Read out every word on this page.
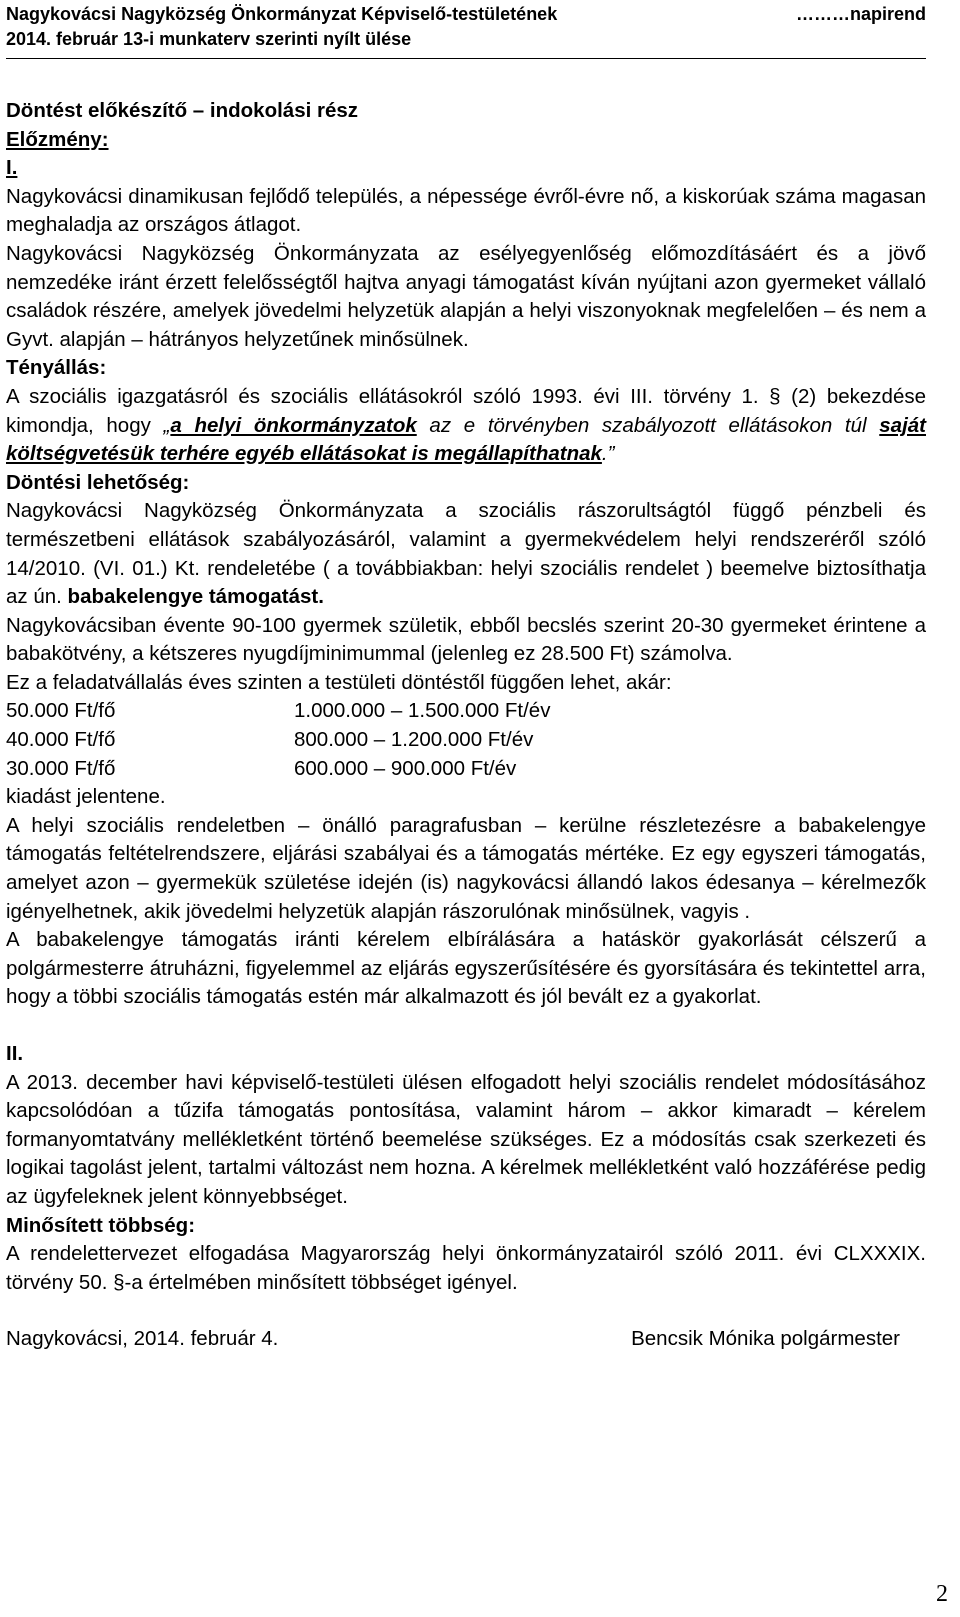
Nagykovácsi Nagyközség Önkormányzat Képviselő-testületének	………napirend
2014. február 13-i munkaterv szerinti nyílt ülése
Döntést előkészítő – indokolási rész
Előzmény:
I.
Nagykovácsi dinamikusan fejlődő település, a népessége évről-évre nő, a kiskorúak száma magasan meghaladja az országos átlagot.
Nagykovácsi Nagyközség Önkormányzata az esélyegyenlőség előmozdításáért és a jövő nemzedéke iránt érzett felelősségtől hajtva anyagi támogatást kíván nyújtani azon gyermeket vállaló családok részére, amelyek jövedelmi helyzetük alapján a helyi viszonyoknak megfelelően – és nem a Gyvt. alapján – hátrányos helyzetűnek minősülnek.
Tényállás:
A szociális igazgatásról és szociális ellátásokról szóló 1993. évi III. törvény 1. § (2) bekezdése kimondja, hogy „a helyi önkormányzatok az e törvényben szabályozott ellátásokon túl saját költségvetésük terhére egyéb ellátásokat is megállapíthatnak.”
Döntési lehetőség:
Nagykovácsi Nagyközség Önkormányzata a szociális rászorultságtól függő pénzbeli és természetbeni ellátások szabályozásáról, valamint a gyermekvédelem helyi rendszeréről szóló 14/2010. (VI. 01.) Kt. rendeletébe ( a továbbiakban: helyi szociális rendelet ) beemelve biztosíthatja az ún. babakelengye támogatást.
Nagykovácsiban évente 90-100 gyermek születik, ebből becslés szerint 20-30 gyermeket érintene a babakötvény, a kétszeres nyugdíjminimummal (jelenleg ez 28.500 Ft) számolva.
Ez a feladatvállalás éves szinten a testületi döntéstől függően lehet, akár:
50.000 Ft/fő	1.000.000 – 1.500.000 Ft/év
40.000 Ft/fő	800.000 – 1.200.000 Ft/év
30.000 Ft/fő	600.000 – 900.000 Ft/év
kiadást jelentene.
A helyi szociális rendeletben – önálló paragrafusban – kerülne részletezésre a babakelengye támogatás feltételrendszere, eljárási szabályai és a támogatás mértéke. Ez egy egyszeri támogatás, amelyet azon – gyermekük születése idején (is) nagykovácsi állandó lakos édesanya – kérelmezők igényelhetnek, akik jövedelmi helyzetük alapján rászorulónak minősülnek, vagyis .
A babakelengye támogatás iránti kérelem elbírálására a hatáskör gyakorlását célszerű a polgármesterre átruházni, figyelemmel az eljárás egyszerűsítésére és gyorsítására és tekintettel arra, hogy a többi szociális támogatás estén már alkalmazott és jól bevált ez a gyakorlat.
II.
A 2013. december havi képviselő-testületi ülésen elfogadott helyi szociális rendelet módosításához kapcsolódóan a tűzifa támogatás pontosítása, valamint három – akkor kimaradt – kérelem formanyomtatvány mellékletként történő beemelése szükséges. Ez a módosítás csak szerkezeti és logikai tagolást jelent, tartalmi változást nem hozna. A kérelmek mellékletként való hozzáférése pedig az ügyfeleknek jelent könnyebbséget.
Minősített többség:
A rendelettervezet elfogadása Magyarország helyi önkormányzatairól szóló 2011. évi CLXXXIX. törvény 50. §-a értelmében minősített többséget igényel.
Nagykovácsi, 2014. február 4.	Bencsik Mónika polgármester
2
